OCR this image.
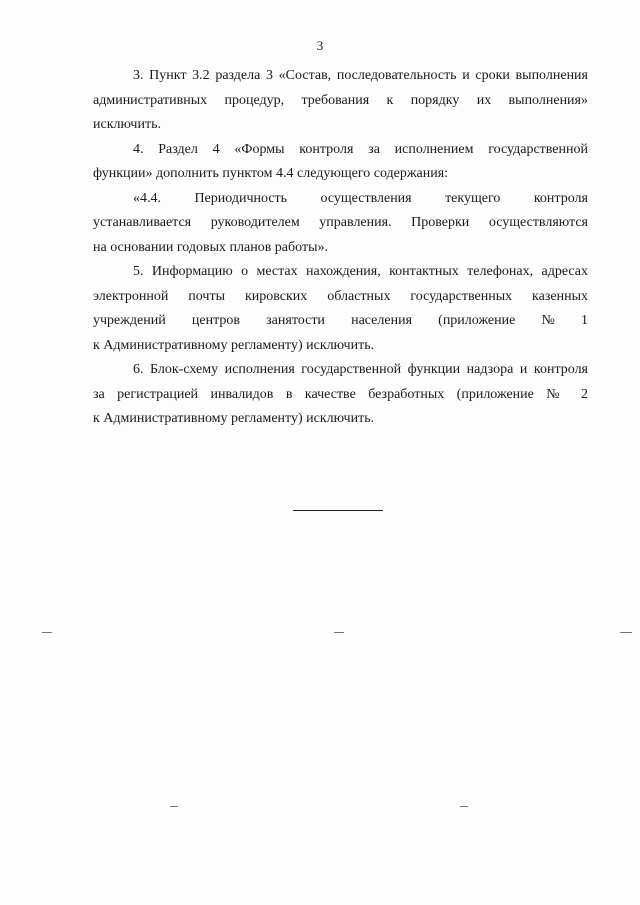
3
3. Пункт 3.2 раздела 3 «Состав, последовательность и сроки выполнения
административных процедур, требования к порядку их выполнения»
исключить.
4. Раздел 4 «Формы контроля за исполнением государственной
функции» дополнить пунктом 4.4 следующего содержания:
«4.4. Периодичность осуществления текущего контроля
устанавливается руководителем управления. Проверки осуществляются
на основании годовых планов работы».
5. Информацию о местах нахождения, контактных телефонах, адресах
электронной почты кировских областных государственных казенных
учреждений центров занятости населения (приложение № 1
к Административному регламенту) исключить.
6. Блок-схему исполнения государственной функции надзора и контроля
за регистрацией инвалидов в качестве безработных (приложение № 2
к Административному регламенту) исключить.
